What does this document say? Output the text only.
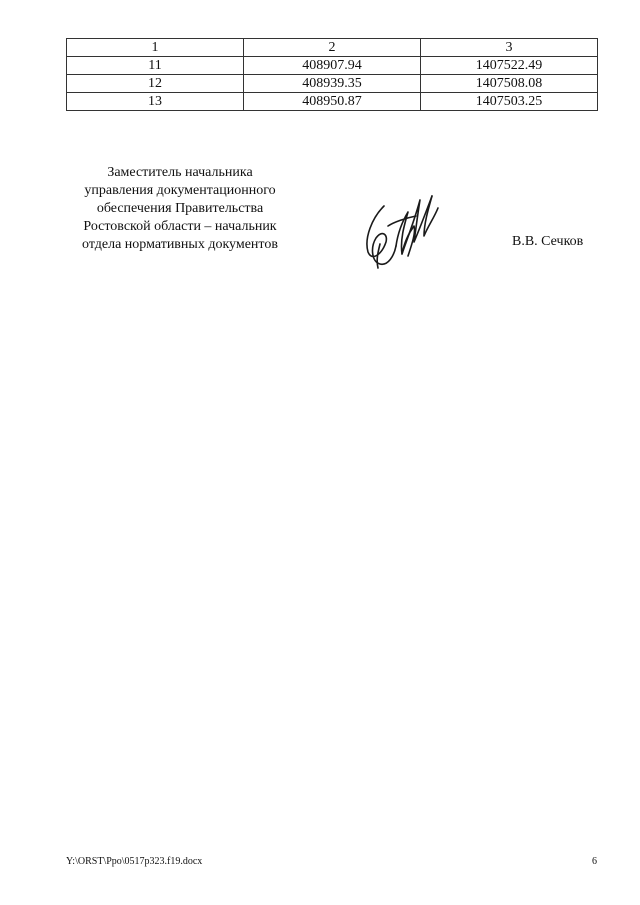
1	2	3
11	408907.94	1407522.49
12	408939.35	1407508.08
13	408950.87	1407503.25
Заместитель начальника
управления документационного
обеспечения Правительства
Ростовской области – начальник
отдела нормативных документов	В.В. Сечков
Y:\ORST\Ppo\0517p323.f19.docx	6
